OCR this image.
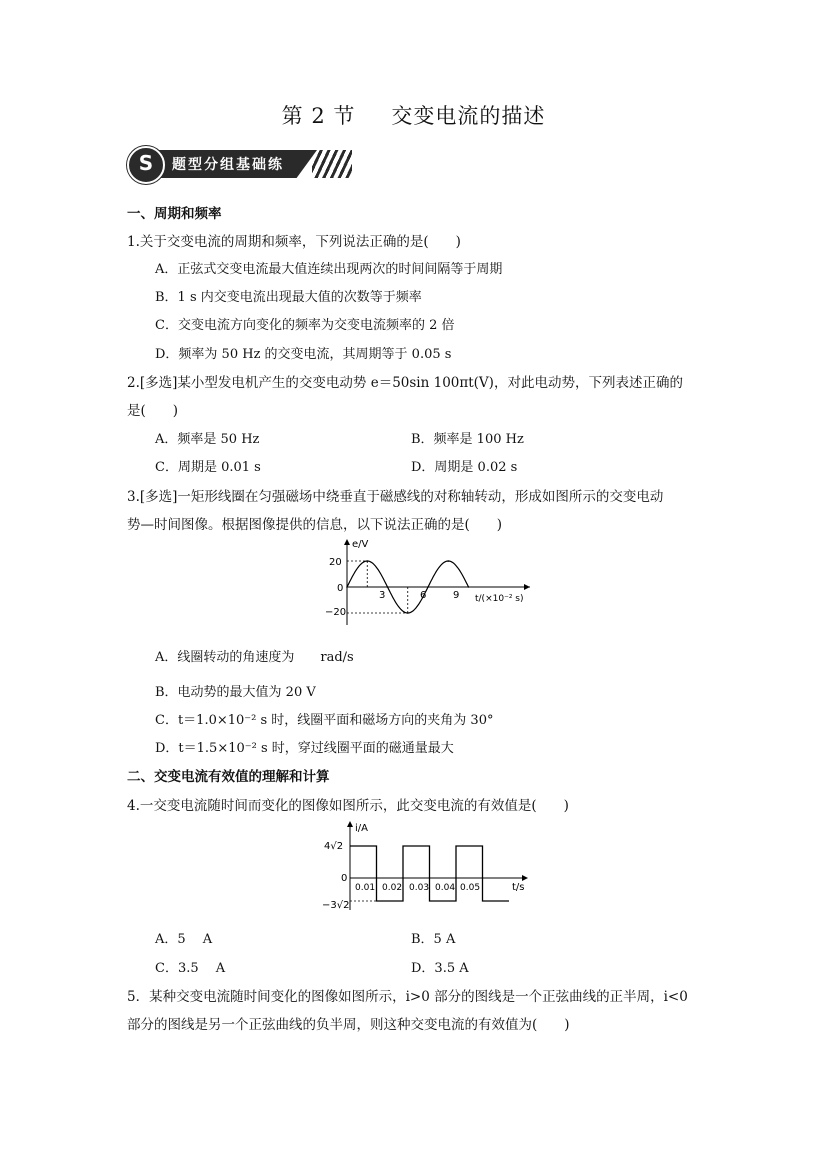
第 2 节 交变电流的描述
S	题型分组基础练
一、周期和频率
1.关于交变电流的周期和频率，下列说法正确的是(　　)
A．正弦式交变电流最大值连续出现两次的时间间隔等于周期
B．1 s 内交变电流出现最大值的次数等于频率
C．交变电流方向变化的频率为交变电流频率的 2 倍
D．频率为 50 Hz 的交变电流，其周期等于 0.05 s
2.[多选]某小型发电机产生的交变电动势 e＝50sin 100πt(V)，对此电动势，下列表述正确的
是(　　)
A．频率是 50 Hz	B．频率是 100 Hz
C．周期是 0.01 s	D．周期是 0.02 s
3.[多选]一矩形线圈在匀强磁场中绕垂直于磁感线的对称轴转动，形成如图所示的交变电动
势—时间图像。根据图像提供的信息，以下说法正确的是(　　)
e/V
t/(×10⁻² s)
20
0
−20
3	6	9
A．线圈转动的角速度为　　rad/s
B．电动势的最大值为 20 V
C．t＝1.0×10⁻² s 时，线圈平面和磁场方向的夹角为 30°
D．t＝1.5×10⁻² s 时，穿过线圈平面的磁通量最大
二、交变电流有效值的理解和计算
4.一交变电流随时间而变化的图像如图所示，此交变电流的有效值是(　　)
i/A
t/s
4√2
0
−3√2
0.01 0.02 0.03 0.04 0.05
A．5　 A	B．5 A
C．3.5　 A	D．3.5 A
5．某种交变电流随时间变化的图像如图所示，i>0 部分的图线是一个正弦曲线的正半周，i<0
部分的图线是另一个正弦曲线的负半周，则这种交变电流的有效值为(　　)
